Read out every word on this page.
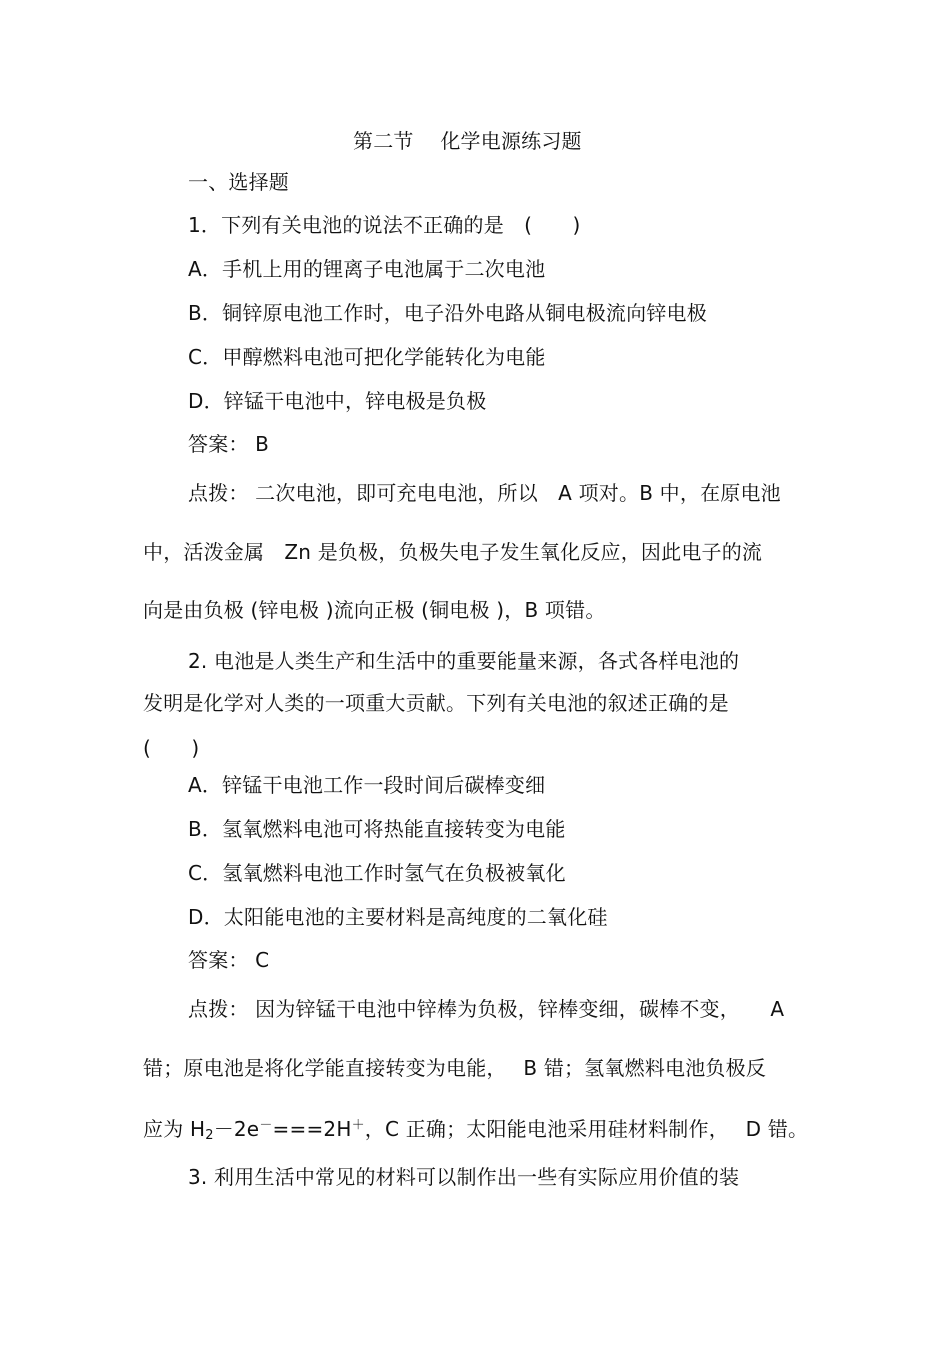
第二节　 化学电源练习题
一、选择题
1．下列有关电池的说法不正确的是　(　　)
A．手机上用的锂离子电池属于二次电池
B．铜锌原电池工作时，电子沿外电路从铜电极流向锌电极
C．甲醇燃料电池可把化学能转化为电能
D．锌锰干电池中，锌电极是负极
答案： B
点拨： 二次电池，即可充电电池，所以　A 项对。B 中，在原电池
中，活泼金属　Zn 是负极，负极失电子发生氧化反应，因此电子的流
向是由负极 (锌电极 )流向正极 (铜电极 )，B 项错。
2. 电池是人类生产和生活中的重要能量来源，各式各样电池的
发明是化学对人类的一项重大贡献。下列有关电池的叙述正确的是
(　　)
A．锌锰干电池工作一段时间后碳棒变细
B．氢氧燃料电池可将热能直接转变为电能
C．氢氧燃料电池工作时氢气在负极被氧化
D．太阳能电池的主要材料是高纯度的二氧化硅
答案： C
点拨： 因为锌锰干电池中锌棒为负极，锌棒变细，碳棒不变，　　A
错；原电池是将化学能直接转变为电能，　 B 错；氢氧燃料电池负极反
应为 $H_2-2e^-===2H^+$，C 正确；太阳能电池采用硅材料制作，　 D 错。
3. 利用生活中常见的材料可以制作出一些有实际应用价值的装
